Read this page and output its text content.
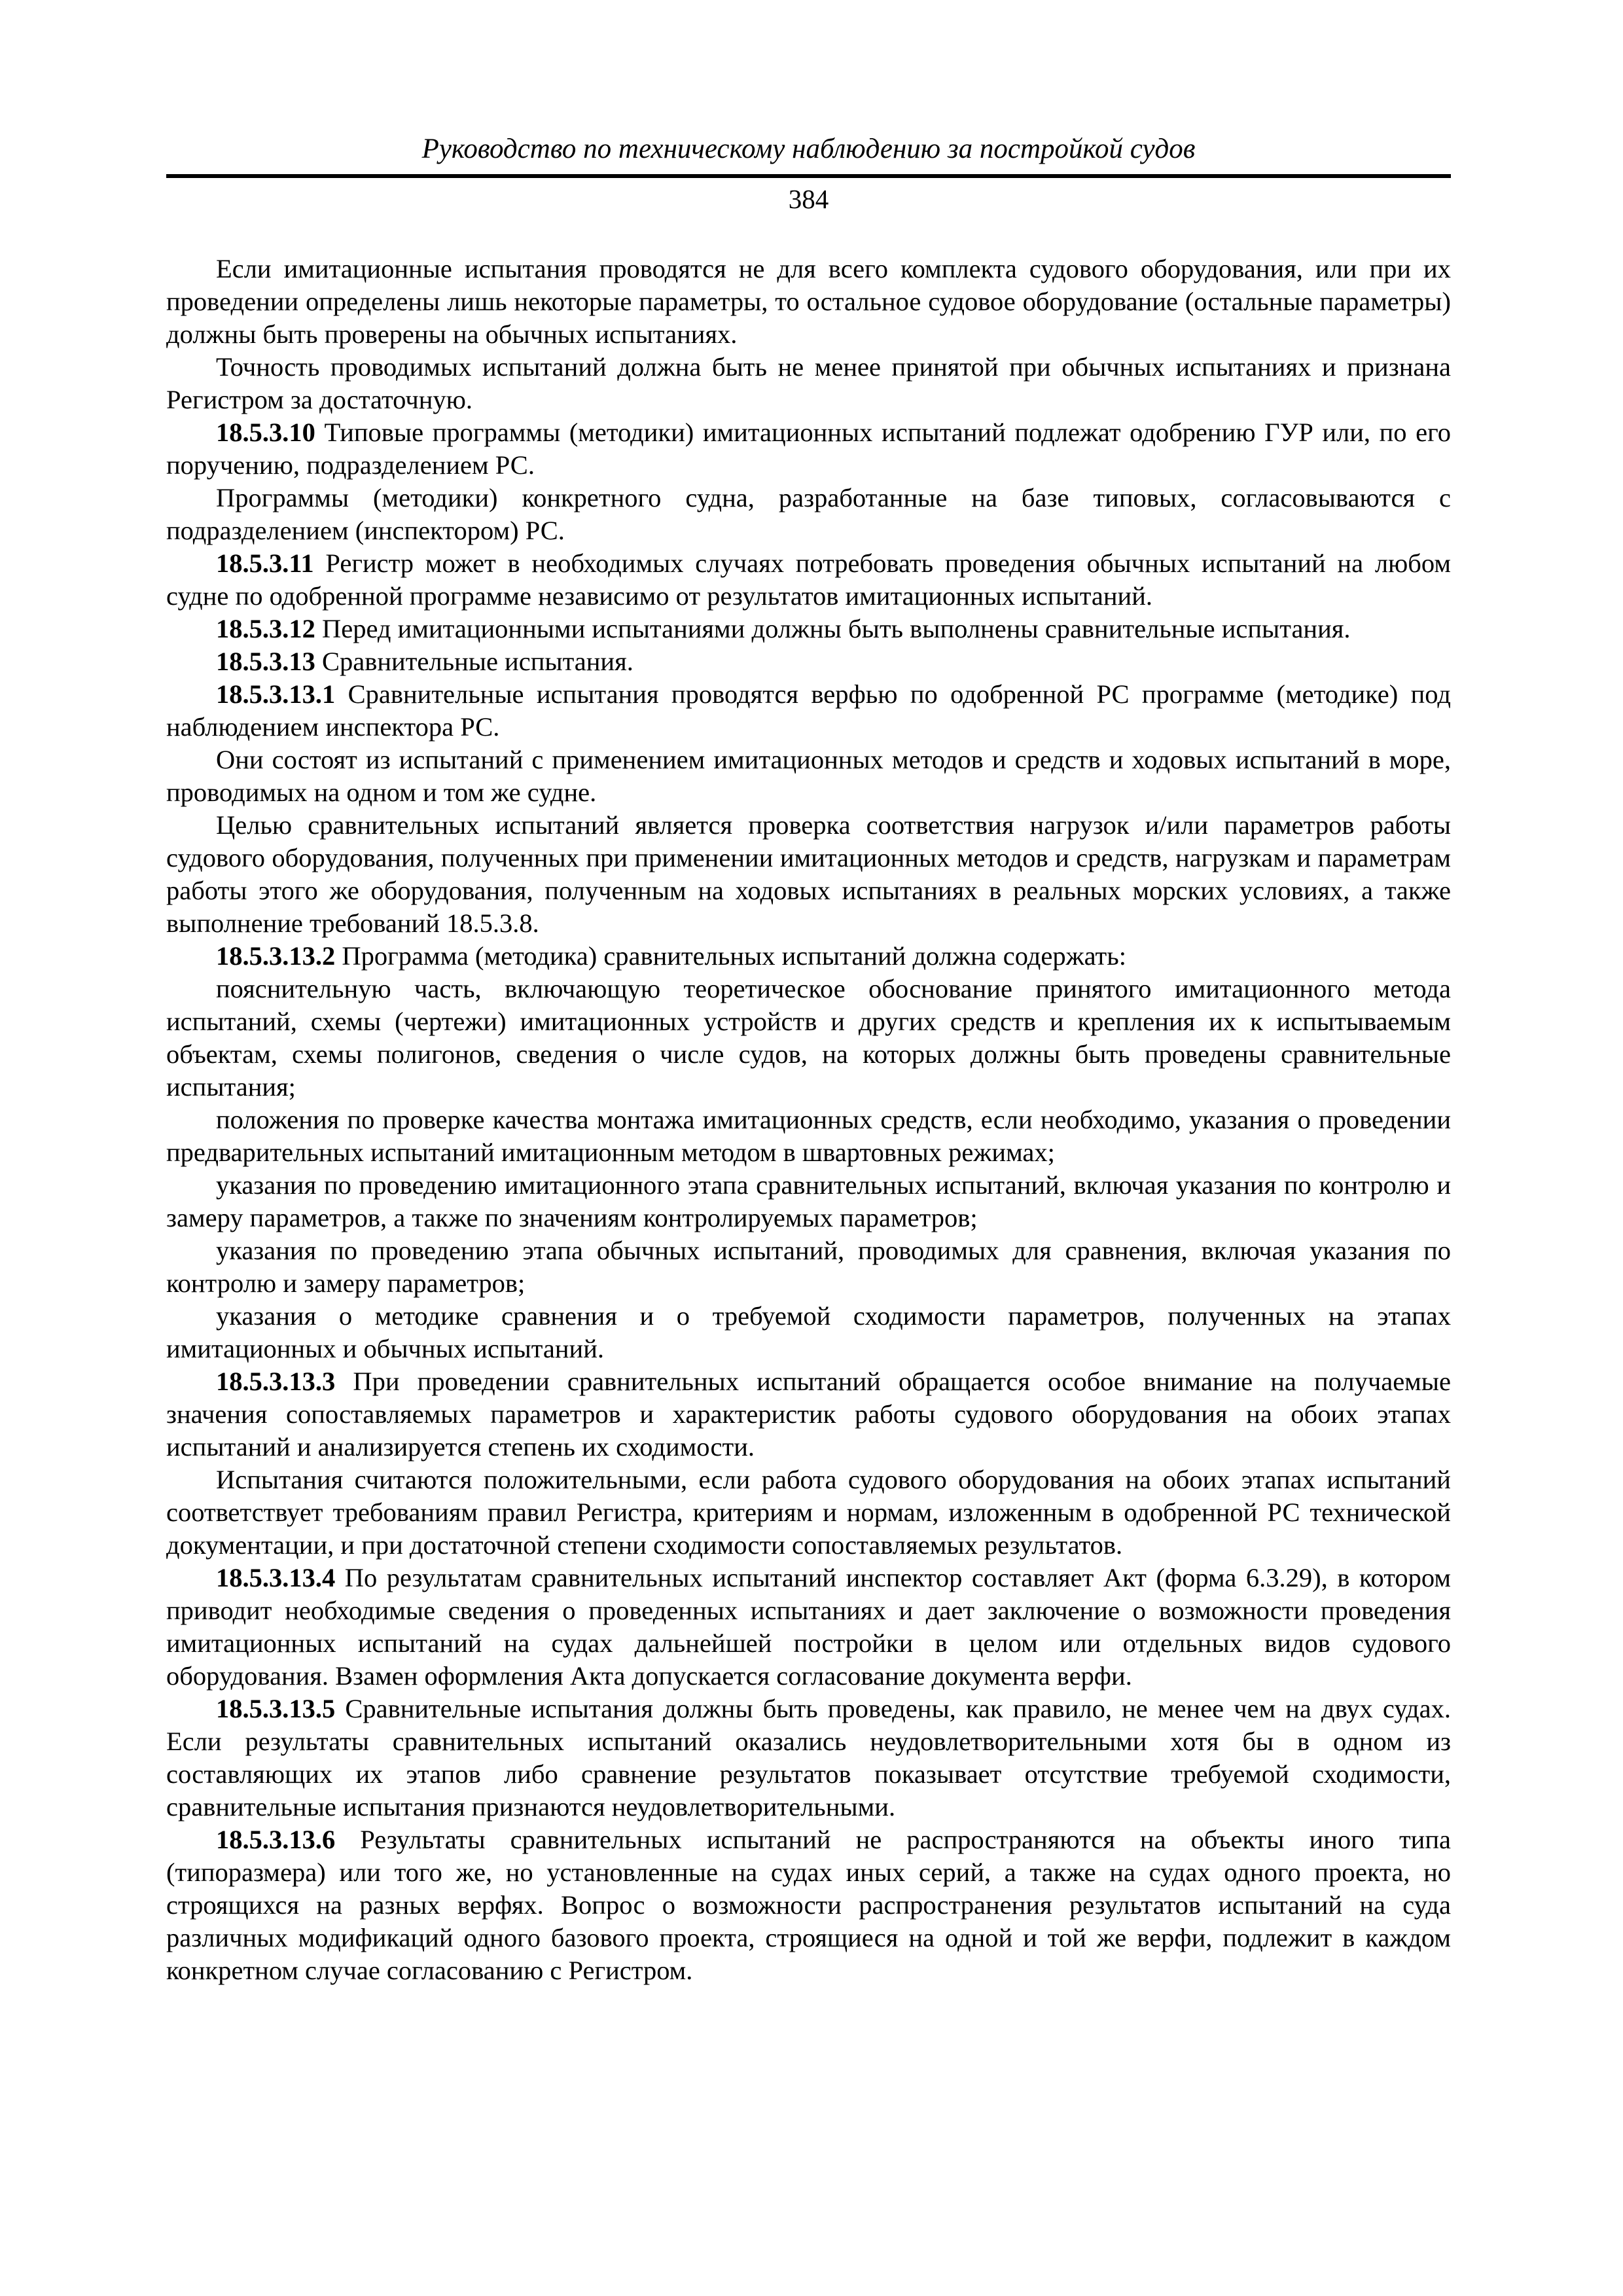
Руководство по техническому наблюдению за постройкой судов
384

Если имитационные испытания проводятся не для всего комплекта судового оборудования, или при их проведении определены лишь некоторые параметры, то остальное судовое оборудование (остальные параметры) должны быть проверены на обычных испытаниях.

Точность проводимых испытаний должна быть не менее принятой при обычных испытаниях и признана Регистром за достаточную.

18.5.3.10 Типовые программы (методики) имитационных испытаний подлежат одобрению ГУР или, по его поручению, подразделением РС.

Программы (методики) конкретного судна, разработанные на базе типовых, согласовываются с подразделением (инспектором) РС.

18.5.3.11 Регистр может в необходимых случаях потребовать проведения обычных испытаний на любом судне по одобренной программе независимо от результатов имитационных испытаний.

18.5.3.12 Перед имитационными испытаниями должны быть выполнены сравнительные испытания.

18.5.3.13 Сравнительные испытания.

18.5.3.13.1 Сравнительные испытания проводятся верфью по одобренной РС программе (методике) под наблюдением инспектора РС.

Они состоят из испытаний с применением имитационных методов и средств и ходовых испытаний в море, проводимых на одном и том же судне.

Целью сравнительных испытаний является проверка соответствия нагрузок и/или параметров работы судового оборудования, полученных при применении имитационных методов и средств, нагрузкам и параметрам работы этого же оборудования, полученным на ходовых испытаниях в реальных морских условиях, а также выполнение требований 18.5.3.8.

18.5.3.13.2 Программа (методика) сравнительных испытаний должна содержать:

пояснительную часть, включающую теоретическое обоснование принятого имитационного метода испытаний, схемы (чертежи) имитационных устройств и других средств и крепления их к испытываемым объектам, схемы полигонов, сведения о числе судов, на которых должны быть проведены сравнительные испытания;

положения по проверке качества монтажа имитационных средств, если необходимо, указания о проведении предварительных испытаний имитационным методом в швартовных режимах;

указания по проведению имитационного этапа сравнительных испытаний, включая указания по контролю и замеру параметров, а также по значениям контролируемых параметров;

указания по проведению этапа обычных испытаний, проводимых для сравнения, включая указания по контролю и замеру параметров;

указания о методике сравнения и о требуемой сходимости параметров, полученных на этапах имитационных и обычных испытаний.

18.5.3.13.3 При проведении сравнительных испытаний обращается особое внимание на получаемые значения сопоставляемых параметров и характеристик работы судового оборудования на обоих этапах испытаний и анализируется степень их сходимости.

Испытания считаются положительными, если работа судового оборудования на обоих этапах испытаний соответствует требованиям правил Регистра, критериям и нормам, изложенным в одобренной РС технической документации, и при достаточной степени сходимости сопоставляемых результатов.

18.5.3.13.4 По результатам сравнительных испытаний инспектор составляет Акт (форма 6.3.29), в котором приводит необходимые сведения о проведенных испытаниях и дает заключение о возможности проведения имитационных испытаний на судах дальнейшей постройки в целом или отдельных видов судового оборудования. Взамен оформления Акта допускается согласование документа верфи.

18.5.3.13.5 Сравнительные испытания должны быть проведены, как правило, не менее чем на двух судах. Если результаты сравнительных испытаний оказались неудовлетворительными хотя бы в одном из составляющих их этапов либо сравнение результатов показывает отсутствие требуемой сходимости, сравнительные испытания признаются неудовлетворительными.

18.5.3.13.6 Результаты сравнительных испытаний не распространяются на объекты иного типа (типоразмера) или того же, но установленные на судах иных серий, а также на судах одного проекта, но строящихся на разных верфях. Вопрос о возможности распространения результатов испытаний на суда различных модификаций одного базового проекта, строящиеся на одной и той же верфи, подлежит в каждом конкретном случае согласованию с Регистром.
